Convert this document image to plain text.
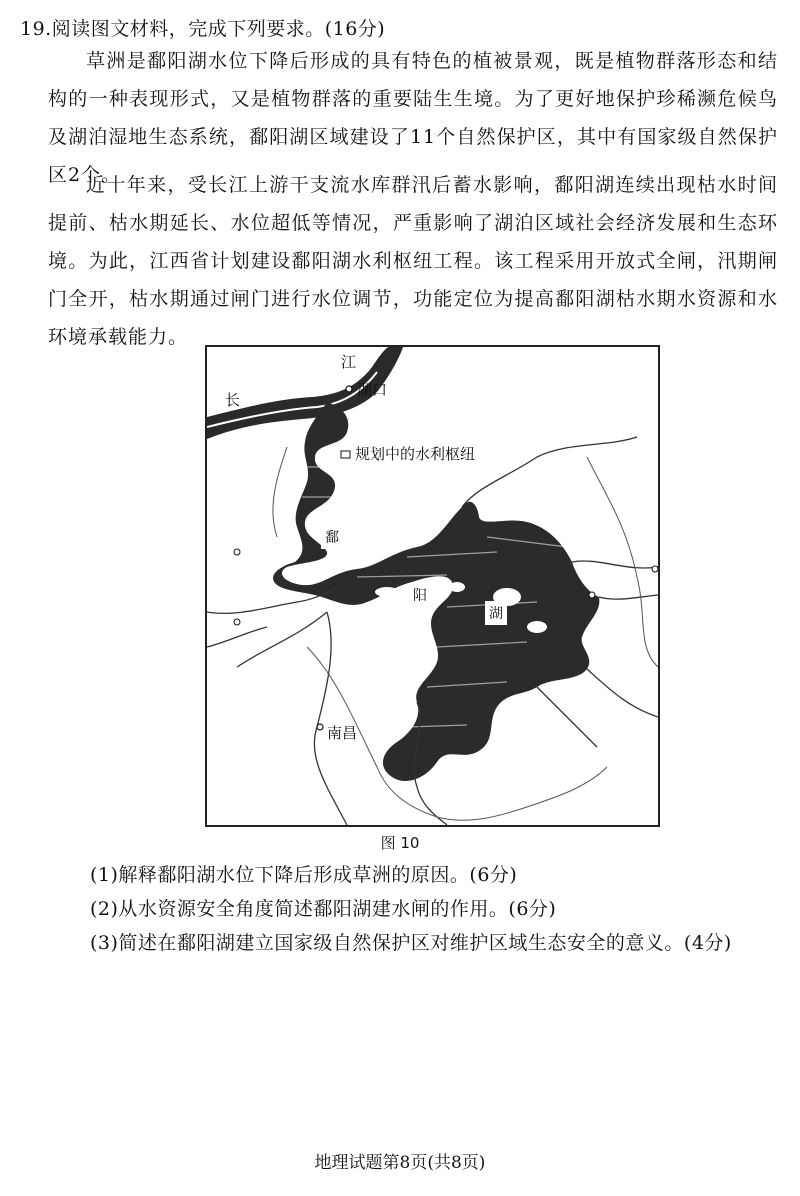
19.阅读图文材料，完成下列要求。(16分)

草洲是鄱阳湖水位下降后形成的具有特色的植被景观，既是植物群落形态和结构的一种表现形式，又是植物群落的重要陆生生境。为了更好地保护珍稀濒危候鸟及湖泊湿地生态系统，鄱阳湖区域建设了11个自然保护区，其中有国家级自然保护区2个。

近十年来，受长江上游干支流水库群汛后蓄水影响，鄱阳湖连续出现枯水时间提前、枯水期延长、水位超低等情况，严重影响了湖泊区域社会经济发展和生态环境。为此，江西省计划建设鄱阳湖水利枢纽工程。该工程采用开放式全闸，汛期闸门全开，枯水期通过闸门进行水位调节，功能定位为提高鄱阳湖枯水期水资源和水环境承载能力。

江
长
湖口
规划中的水利枢纽
鄱
阳
湖
南昌
图 10
(1)解释鄱阳湖水位下降后形成草洲的原因。(6分)
(2)从水资源安全角度简述鄱阳湖建水闸的作用。(6分)
(3)简述在鄱阳湖建立国家级自然保护区对维护区域生态安全的意义。(4分)
地理试题第8页(共8页)
